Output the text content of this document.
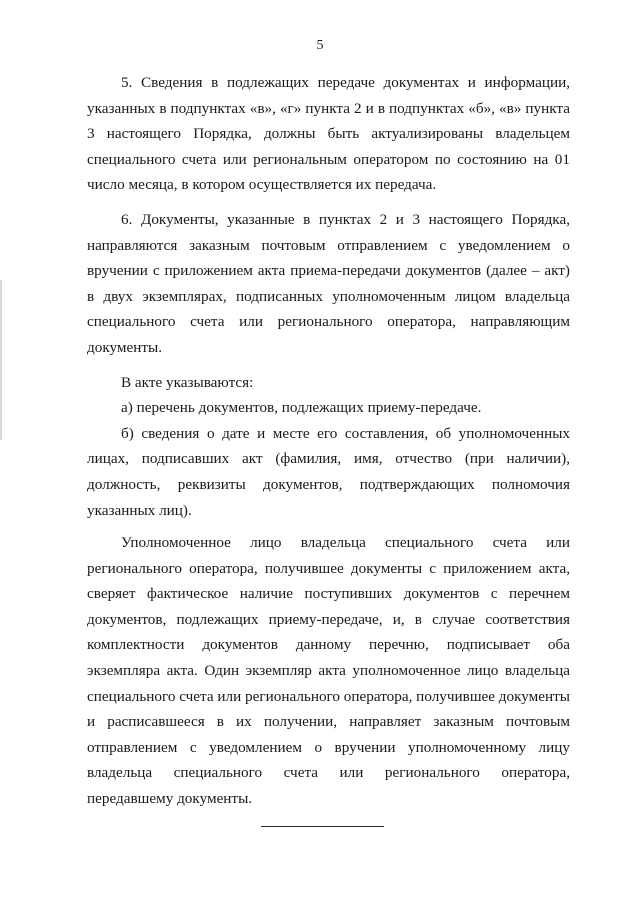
5

5. Сведения в подлежащих передаче документах и информации, указанных в подпунктах «в», «г» пункта 2 и в подпунктах «б», «в» пункта 3 настоящего Порядка, должны быть актуализированы владельцем специального счета или региональным оператором по состоянию на 01 число месяца, в котором осуществляется их передача.

6. Документы, указанные в пунктах 2 и 3 настоящего Порядка, направляются заказным почтовым отправлением с уведомлением о вручении с приложением акта приема-передачи документов (далее – акт) в двух экземплярах, подписанных уполномоченным лицом владельца специального счета или регионального оператора, направляющим документы.

В акте указываются:

а) перечень документов, подлежащих приему-передаче.

б) сведения о дате и месте его составления, об уполномоченных лицах, подписавших акт (фамилия, имя, отчество (при наличии), должность, реквизиты документов, подтверждающих полномочия указанных лиц).

Уполномоченное лицо владельца специального счета или регионального оператора, получившее документы с приложением акта, сверяет фактическое наличие поступивших документов с перечнем документов, подлежащих приему-передаче, и, в случае соответствия комплектности документов данному перечню, подписывает оба экземпляра акта. Один экземпляр акта уполномоченное лицо владельца специального счета или регионального оператора, получившее документы и расписавшееся в их получении, направляет заказным почтовым отправлением с уведомлением о вручении уполномоченному лицу владельца специального счета или регионального оператора, передавшему документы.
